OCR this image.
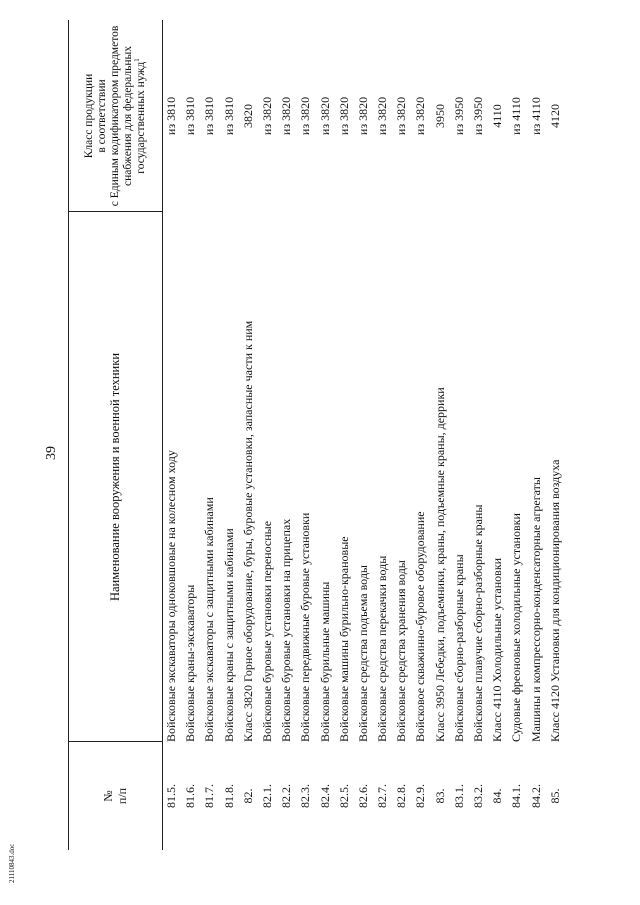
21110843.doc
39
№ п/п
Наименование вооружения и военной техники
Класс продукции в соответствии с Единым кодификатором предметов снабжения для федеральных государственных нужд$^1$
81.5.
Войсковые экскаваторы одноковшовые на колесном ходу
из 3810
81.6.
Войсковые краны-экскаваторы
из 3810
81.7.
Войсковые экскаваторы с защитными кабинами
из 3810
81.8.
Войсковые краны с защитными кабинами
из 3810
82.
Класс 3820 Горное оборудование, буры, буровые установки, запасные части к ним
3820
82.1.
Войсковые буровые установки переносные
из 3820
82.2.
Войсковые буровые установки на прицепах
из 3820
82.3.
Войсковые передвижные буровые установки
из 3820
82.4.
Войсковые бурильные машины
из 3820
82.5.
Войсковые машины бурильно-крановые
из 3820
82.6.
Войсковые средства подъема воды
из 3820
82.7.
Войсковые средства перекачки воды
из 3820
82.8.
Войсковые средства хранения воды
из 3820
82.9.
Войсковое скважинно-буровое оборудование
из 3820
83.
Класс 3950 Лебедки, подъемники, краны, подъемные краны, деррики
3950
83.1.
Войсковые сборно-разборные краны
из 3950
83.2.
Войсковые плавучие сборно-разборные краны
из 3950
84.
Класс 4110 Холодильные установки
4110
84.1.
Судовые фреоновые холодильные установки
из 4110
84.2.
Машины и компрессорно-конденсаторные агрегаты
из 4110
85.
Класс 4120 Установки для кондиционирования воздуха
4120
